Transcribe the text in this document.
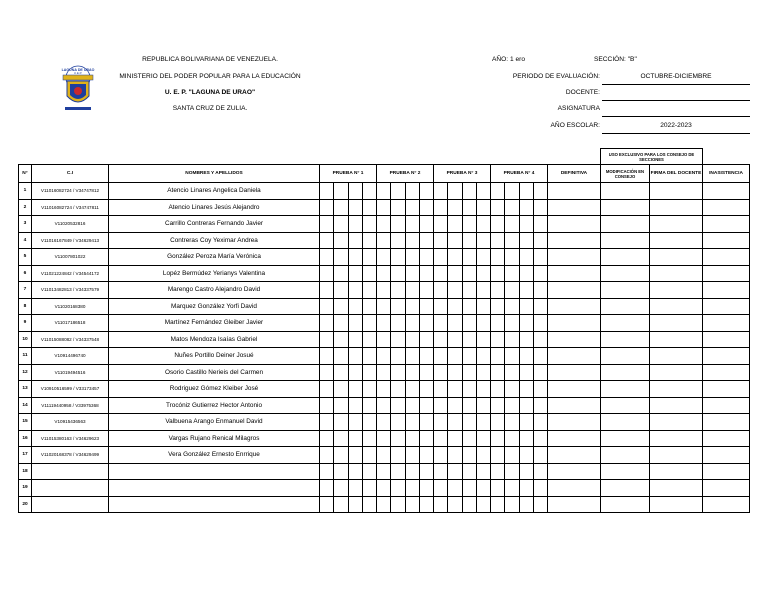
U.E.P.
LAGUNA DE URAO
REPUBLICA BOLIVARIANA DE VENEZUELA.
MINISTERIO DEL PODER POPULAR PARA LA EDUCACIÓN
U. E. P. "LAGUNA DE URAO"
SANTA CRUZ DE ZULIA.
AÑO: 1 ero	SECCIÓN: "B"
PERIODO DE EVALUACIÓN:	OCTUBRE-DICIEMBRE
DOCENTE:
ASIGNATURA
AÑO ESCOLAR:	2022-2023
																				USO EXCLUSIVO PARA LOS CONSEJO DE SECCIONES		
N°	C.I	NOMBRES Y APELLIDOS	PRUEBA N° 1				PRUEBA N° 2				PRUEBA N° 3				PRUEBA N° 4				DEFINITIVA	MODIFICACIÓN EN CONSEJO	FIRMA DEL DOCENTE	INASISTENCIA
1	V11016082724 / V34747812	Atencio Linares Angelica Daniela																				
2	V11016082724 / V34747811	Atencio Linares Jesús Alejandro																				
3	V11020532816	Carrillo Contreras Fernando Javier																				
4	V11016167849 / V34629413	Contreras Coy Yeximar Andrea																				
5	V11007801022	González Peroza María Verónica																				
6	V11021224842 / V34544172	Lopéz Bermúdez Yerianys Valentina																				
7	V11013482813 / V34337579	Marengo Castro Alejandro David																				
8	V11020168380	Marquez González Yorfi David																				
9	V11017186518	Martínez Fernández Gleiber Javier																				
10	V11015088082 / V34337548	Matos Mendoza Isaías Gabriel																				
11	V10914496740	Nuñes Portillo Deiner Josué																				
12	V11019494516	Osorio Castillo Nerieis del Carmen																				
13	V10910516599 / V33173457	Rodriguez Gómez Kleiber José																				
14	V11119440958 / V33975368	Trocóniz Gutierrez Hector Antonio																				
15	V10915436563	Valbuena Arango Enmanuel David																				
16	V11015380163 / V34629623	Vargas Rujano Renical Milagros																				
17	V11020168378 / V34629499	Vera González Ernesto Enrrique																				
18																						
19																						
20																						
